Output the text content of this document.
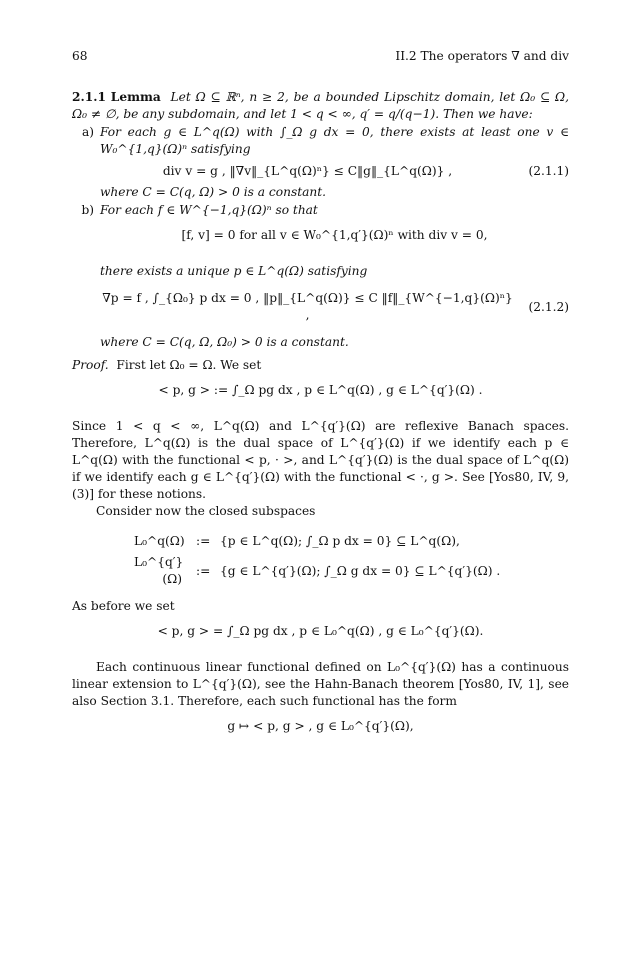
68	II.2 The operators ∇ and div

2.1.1 Lemma Let Ω ⊆ ℝⁿ, n ≥ 2, be a bounded Lipschitz domain, let Ω₀ ⊆ Ω, Ω₀ ≠ ∅, be any subdomain, and let 1 < q < ∞, q′ = q/(q−1). Then we have:

a) For each g ∈ L^q(Ω) with ∫_Ω g dx = 0, there exists at least one v ∈ W₀^{1,q}(Ω)ⁿ satisfying

div v = g , ‖∇v‖_{L^q(Ω)ⁿ} ≤ C‖g‖_{L^q(Ω)} ,	(2.1.1)

where C = C(q, Ω) > 0 is a constant.

b) For each f ∈ W^{−1,q}(Ω)ⁿ so that

[f, v] = 0 for all v ∈ W₀^{1,q′}(Ω)ⁿ with div v = 0,

there exists a unique p ∈ L^q(Ω) satisfying

∇p = f , ∫_{Ω₀} p dx = 0 , ‖p‖_{L^q(Ω)} ≤ C ‖f‖_{W^{−1,q}(Ω)ⁿ} ,
(2.1.2)

where C = C(q, Ω, Ω₀) > 0 is a constant.

Proof. First let Ω₀ = Ω. We set

< p, g > := ∫_Ω pg dx , p ∈ L^q(Ω) , g ∈ L^{q′}(Ω) .

Since 1 < q < ∞, L^q(Ω) and L^{q′}(Ω) are reflexive Banach spaces. Therefore, L^q(Ω) is the dual space of L^{q′}(Ω) if we identify each p ∈ L^q(Ω) with the functional < p, · >, and L^{q′}(Ω) is the dual space of L^q(Ω) if we identify each g ∈ L^{q′}(Ω) with the functional < ·, g >. See [Yos80, IV, 9, (3)] for these notions.

Consider now the closed subspaces

L₀^q(Ω) := {p ∈ L^q(Ω); ∫_Ω p dx = 0} ⊆ L^q(Ω),
L₀^{q′}(Ω)
:= {g ∈ L^{q′}(Ω); ∫_Ω g dx = 0} ⊆ L^{q′}(Ω) .

As before we set

< p, g > = ∫_Ω pg dx , p ∈ L₀^q(Ω) , g ∈ L₀^{q′}(Ω).

Each continuous linear functional defined on L₀^{q′}(Ω) has a continuous linear extension to L^{q′}(Ω), see the Hahn-Banach theorem [Yos80, IV, 1], see also Section 3.1. Therefore, each such functional has the form

g ↦ < p, g > , g ∈ L₀^{q′}(Ω),
